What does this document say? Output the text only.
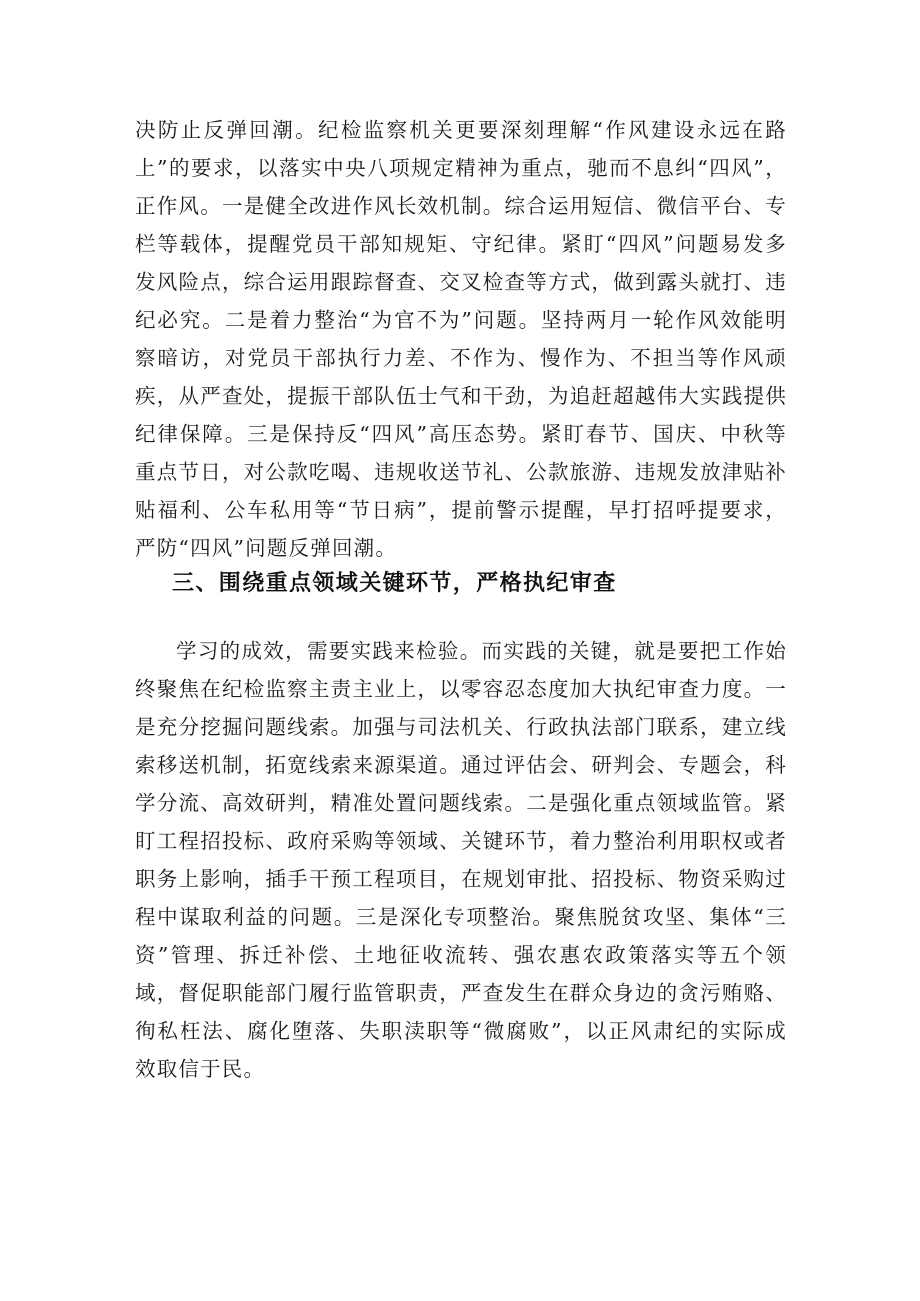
决防止反弹回潮。纪检监察机关更要深刻理解“作风建设永远在路上”的要求，以落实中央八项规定精神为重点，驰而不息纠“四风”，正作风。一是健全改进作风长效机制。综合运用短信、微信平台、专栏等载体，提醒党员干部知规矩、守纪律。紧盯“四风”问题易发多发风险点，综合运用跟踪督查、交叉检查等方式，做到露头就打、违纪必究。二是着力整治“为官不为”问题。坚持两月一轮作风效能明察暗访，对党员干部执行力差、不作为、慢作为、不担当等作风顽疾，从严查处，提振干部队伍士气和干劲，为追赶超越伟大实践提供纪律保障。三是保持反“四风”高压态势。紧盯春节、国庆、中秋等重点节日，对公款吃喝、违规收送节礼、公款旅游、违规发放津贴补贴福利、公车私用等“节日病”，提前警示提醒，早打招呼提要求，严防“四风”问题反弹回潮。

三、围绕重点领域关键环节，严格执纪审查

学习的成效，需要实践来检验。而实践的关键，就是要把工作始终聚焦在纪检监察主责主业上，以零容忍态度加大执纪审查力度。一是充分挖掘问题线索。加强与司法机关、行政执法部门联系，建立线索移送机制，拓宽线索来源渠道。通过评估会、研判会、专题会，科学分流、高效研判，精准处置问题线索。二是强化重点领域监管。紧盯工程招投标、政府采购等领域、关键环节，着力整治利用职权或者职务上影响，插手干预工程项目，在规划审批、招投标、物资采购过程中谋取利益的问题。三是深化专项整治。聚焦脱贫攻坚、集体“三资”管理、拆迁补偿、土地征收流转、强农惠农政策落实等五个领域，督促职能部门履行监管职责，严查发生在群众身边的贪污贿赂、徇私枉法、腐化堕落、失职渎职等“微腐败”，以正风肃纪的实际成效取信于民。
